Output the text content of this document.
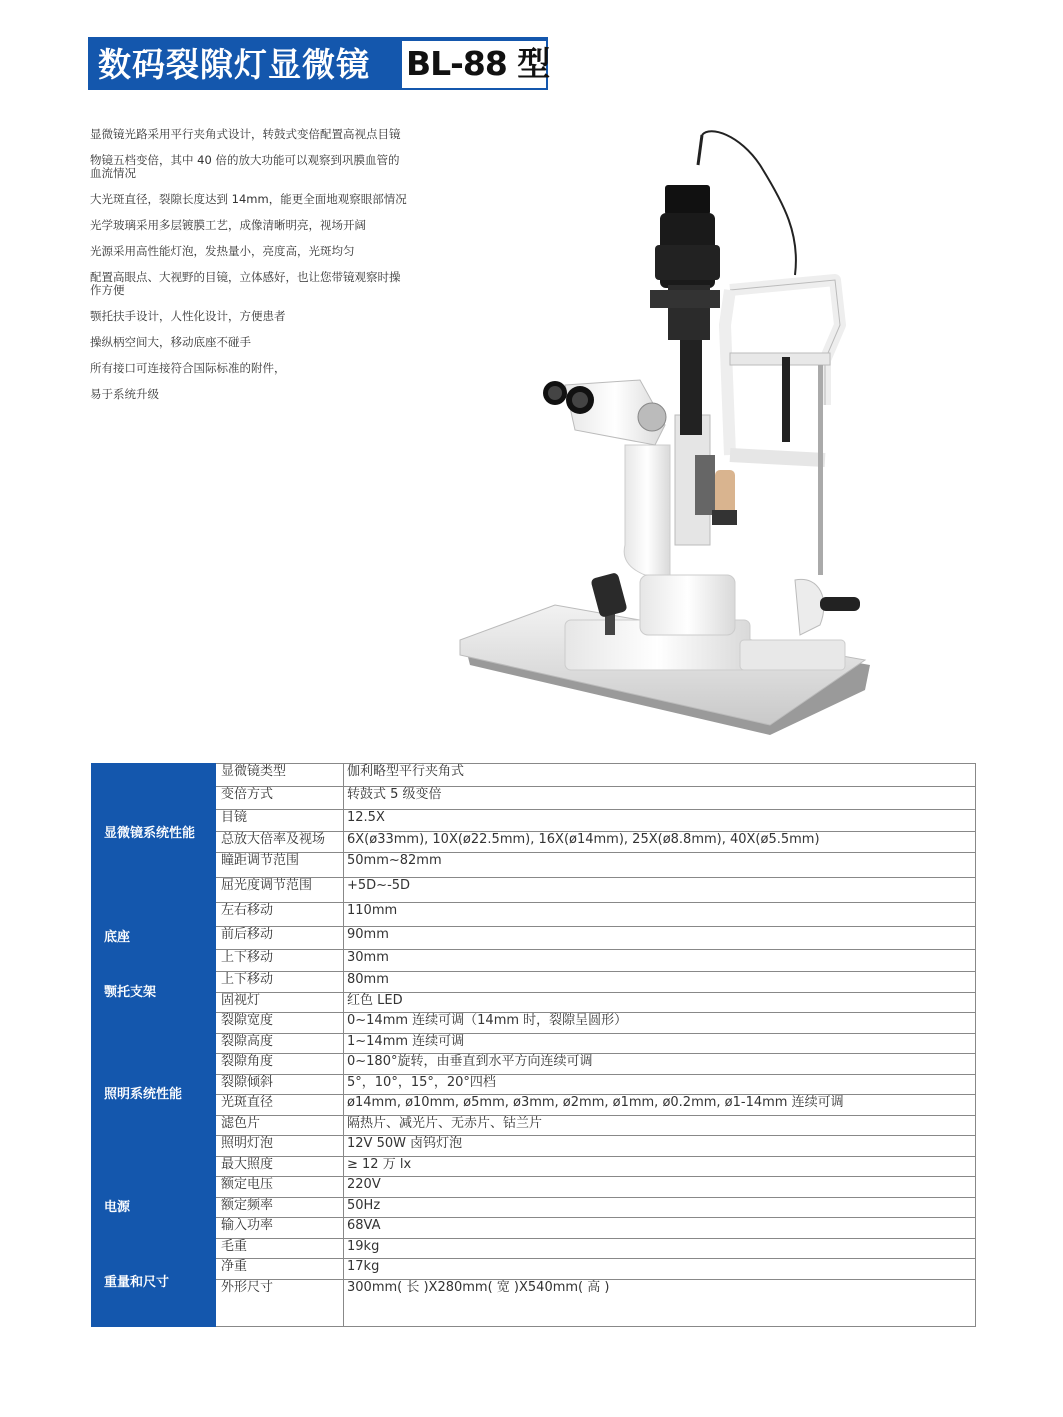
数码裂隙灯显微镜 BL-88 型
显微镜光路采用平行夹角式设计，转鼓式变倍配置高视点目镜
物镜五档变倍，其中 40 倍的放大功能可以观察到巩膜血管的血流情况
大光斑直径，裂隙长度达到 14mm，能更全面地观察眼部情况
光学玻璃采用多层镀膜工艺，成像清晰明亮，视场开阔
光源采用高性能灯泡，发热量小，亮度高，光斑均匀
配置高眼点、大视野的目镜，立体感好，也让您带镜观察时操作方便
颚托扶手设计，人性化设计，方便患者
操纵柄空间大，移动底座不碰手
所有接口可连接符合国际标准的附件，
易于系统升级
显微镜系统性能	显微镜类型	伽利略型平行夹角式
	变倍方式	转鼓式 5 级变倍
	目镜	12.5X
	总放大倍率及视场	6X(ø33mm), 10X(ø22.5mm), 16X(ø14mm), 25X(ø8.8mm), 40X(ø5.5mm)
	瞳距调节范围	50mm~82mm
	屈光度调节范围	+5D~-5D
底座	左右移动	110mm
	前后移动	90mm
	上下移动	30mm
颚托支架	上下移动	80mm
	固视灯	红色 LED
照明系统性能	裂隙宽度	0~14mm 连续可调（14mm 时，裂隙呈圆形）
	裂隙高度	1~14mm 连续可调
	裂隙角度	0~180°旋转，由垂直到水平方向连续可调
	裂隙倾斜	5°，10°，15°，20°四档
	光斑直径	ø14mm, ø10mm, ø5mm, ø3mm, ø2mm, ø1mm, ø0.2mm, ø1-14mm 连续可调
	滤色片	隔热片、减光片、无赤片、钴兰片
	照明灯泡	12V 50W 卤钨灯泡
	最大照度	≥ 12 万 lx
电源	额定电压	220V
	额定频率	50Hz
	输入功率	68VA
重量和尺寸	毛重	19kg
	净重	17kg
	外形尺寸	300mm( 长 )X280mm( 宽 )X540mm( 高 )
